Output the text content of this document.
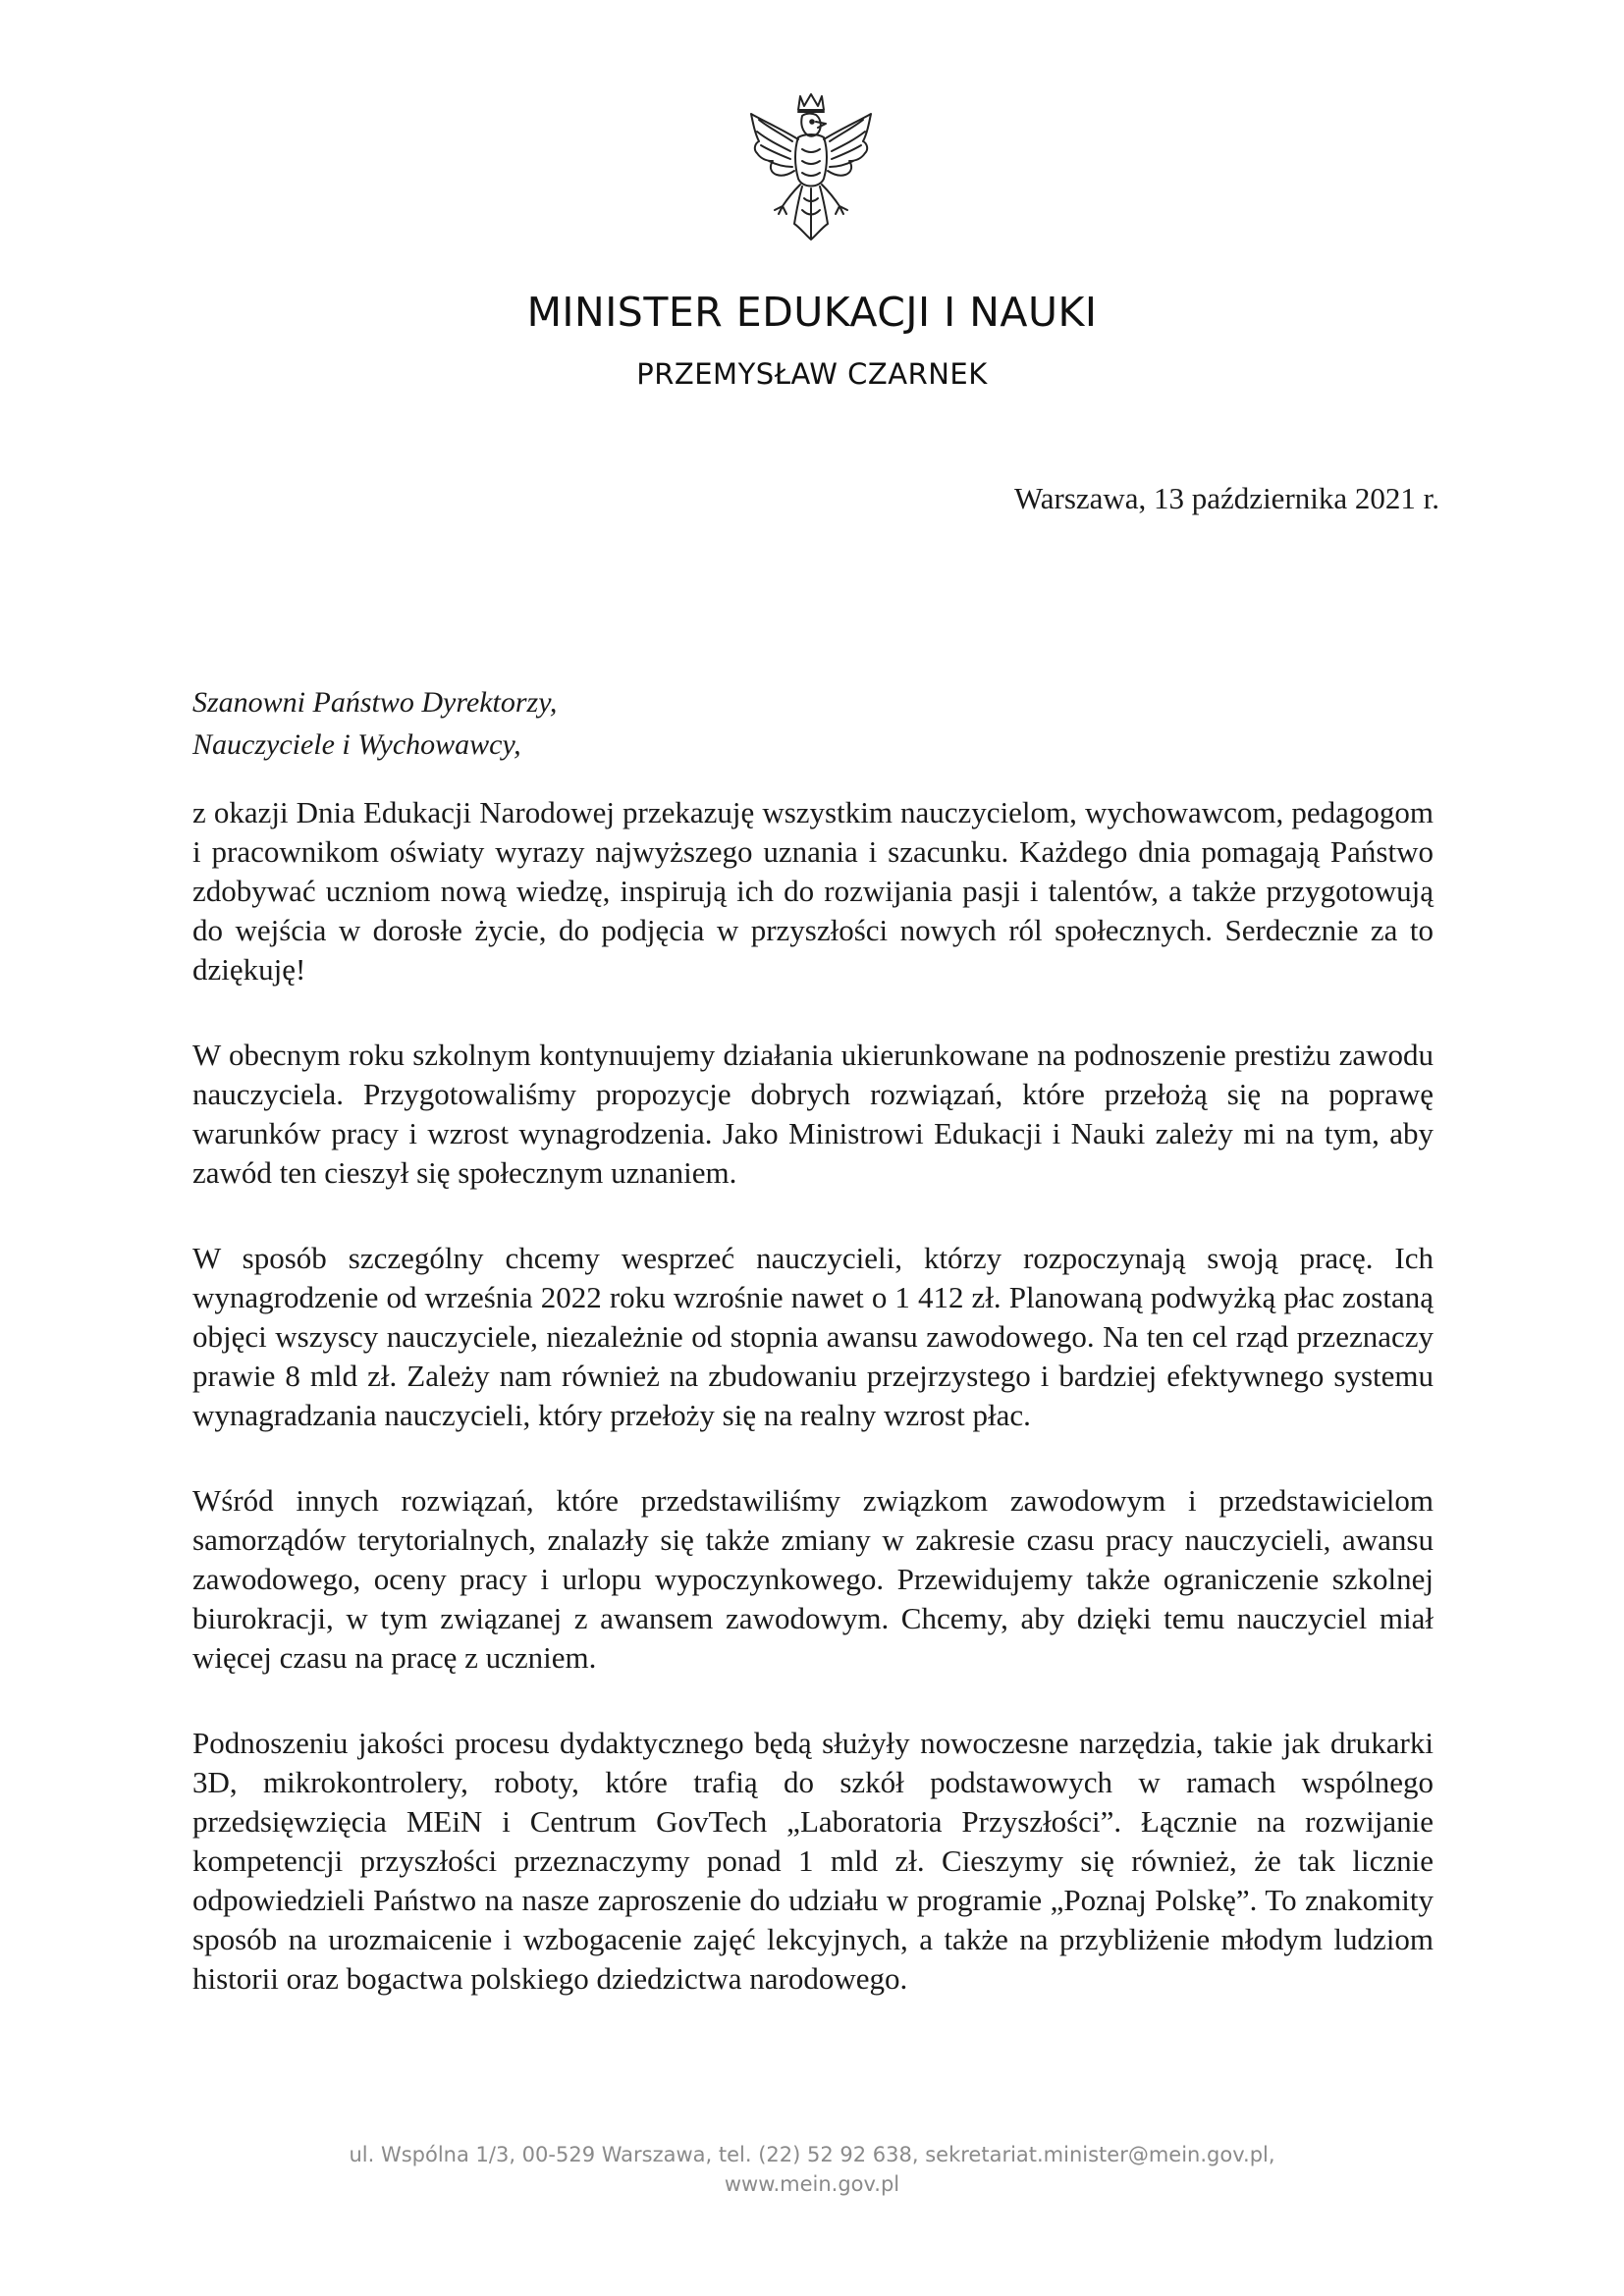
MINISTER EDUKACJI I NAUKI
PRZEMYSŁAW CZARNEK
Warszawa, 13 października 2021 r.
Szanowni Państwo Dyrektorzy,
Nauczyciele i Wychowawcy,

z okazji Dnia Edukacji Narodowej przekazuję wszystkim nauczycielom, wychowawcom, pedagogom i pracownikom oświaty wyrazy najwyższego uznania i szacunku. Każdego dnia pomagają Państwo zdobywać uczniom nową wiedzę, inspirują ich do rozwijania pasji i talentów, a także przygotowują do wejścia w dorosłe życie, do podjęcia w przyszłości nowych ról społecznych. Serdecznie za to dziękuję!

W obecnym roku szkolnym kontynuujemy działania ukierunkowane na podnoszenie prestiżu zawodu nauczyciela. Przygotowaliśmy propozycje dobrych rozwiązań, które przełożą się na poprawę warunków pracy i wzrost wynagrodzenia. Jako Ministrowi Edukacji i Nauki zależy mi na tym, aby zawód ten cieszył się społecznym uznaniem.

W sposób szczególny chcemy wesprzeć nauczycieli, którzy rozpoczynają swoją pracę. Ich wynagrodzenie od września 2022 roku wzrośnie nawet o 1 412 zł. Planowaną podwyżką płac zostaną objęci wszyscy nauczyciele, niezależnie od stopnia awansu zawodowego. Na ten cel rząd przeznaczy prawie 8 mld zł. Zależy nam również na zbudowaniu przejrzystego i bardziej efektywnego systemu wynagradzania nauczycieli, który przełoży się na realny wzrost płac.

Wśród innych rozwiązań, które przedstawiliśmy związkom zawodowym i przedstawicielom samorządów terytorialnych, znalazły się także zmiany w zakresie czasu pracy nauczycieli, awansu zawodowego, oceny pracy i urlopu wypoczynkowego. Przewidujemy także ograniczenie szkolnej biurokracji, w tym związanej z awansem zawodowym. Chcemy, aby dzięki temu nauczyciel miał więcej czasu na pracę z uczniem.

Podnoszeniu jakości procesu dydaktycznego będą służyły nowoczesne narzędzia, takie jak drukarki 3D, mikrokontrolery, roboty, które trafią do szkół podstawowych w ramach wspólnego przedsięwzięcia MEiN i Centrum GovTech „Laboratoria Przyszłości”. Łącznie na rozwijanie kompetencji przyszłości przeznaczymy ponad 1 mld zł. Cieszymy się również, że tak licznie odpowiedzieli Państwo na nasze zaproszenie do udziału w programie „Poznaj Polskę”. To znakomity sposób na urozmaicenie i wzbogacenie zajęć lekcyjnych, a także na przybliżenie młodym ludziom historii oraz bogactwa polskiego dziedzictwa narodowego.

ul. Wspólna 1/3, 00-529 Warszawa, tel. (22) 52 92 638, sekretariat.minister@mein.gov.pl,
www.mein.gov.pl
